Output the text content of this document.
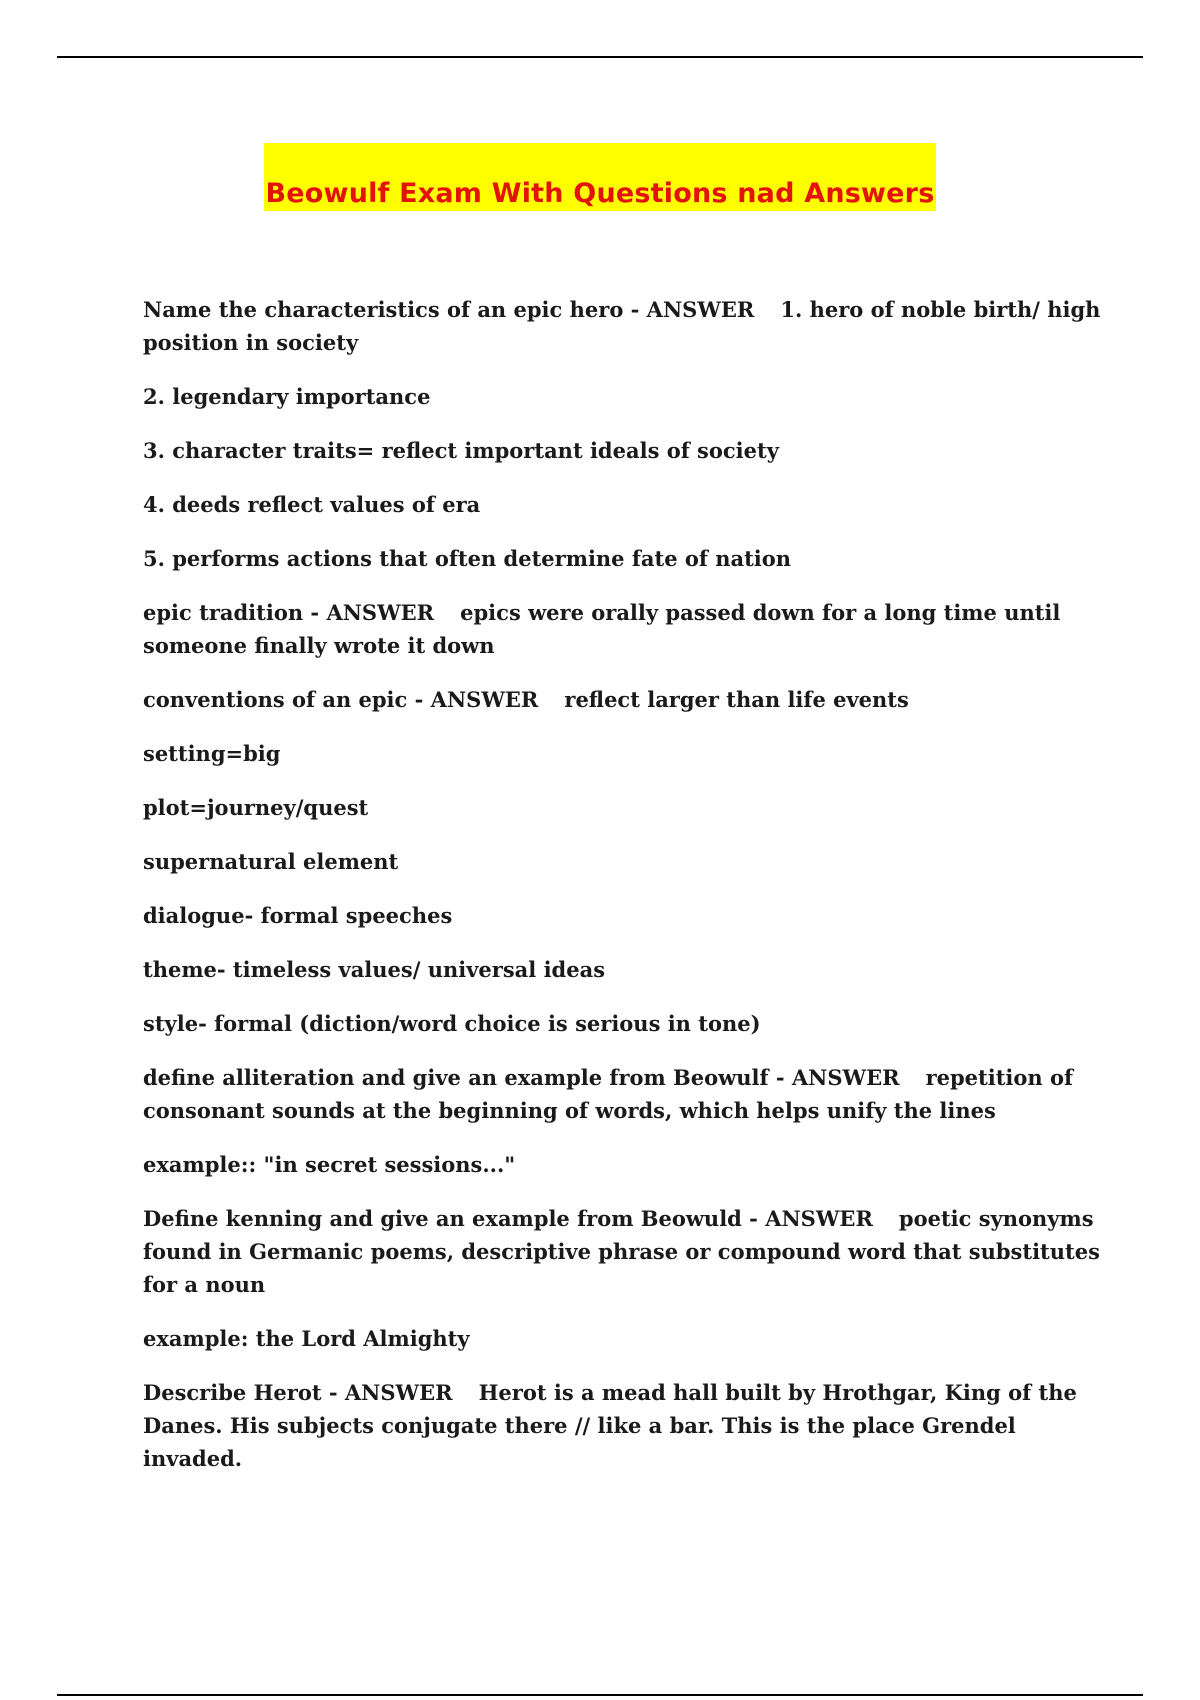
Beowulf Exam With Questions nad Answers

Name the characteristics of an epic hero - ANSWER 1. hero of noble birth/ high position in society

2. legendary importance

3. character traits= reflect important ideals of society

4. deeds reflect values of era

5. performs actions that often determine fate of nation

epic tradition - ANSWER epics were orally passed down for a long time until someone finally wrote it down

conventions of an epic - ANSWER reflect larger than life events

setting=big

plot=journey/quest

supernatural element

dialogue- formal speeches

theme- timeless values/ universal ideas

style- formal (diction/word choice is serious in tone)

define alliteration and give an example from Beowulf - ANSWER repetition of consonant sounds at the beginning of words, which helps unify the lines

example:: "in secret sessions..."

Define kenning and give an example from Beowuld - ANSWER poetic synonyms found in Germanic poems, descriptive phrase or compound word that substitutes for a noun

example: the Lord Almighty

Describe Herot - ANSWER Herot is a mead hall built by Hrothgar, King of the Danes. His subjects conjugate there // like a bar. This is the place Grendel invaded.
